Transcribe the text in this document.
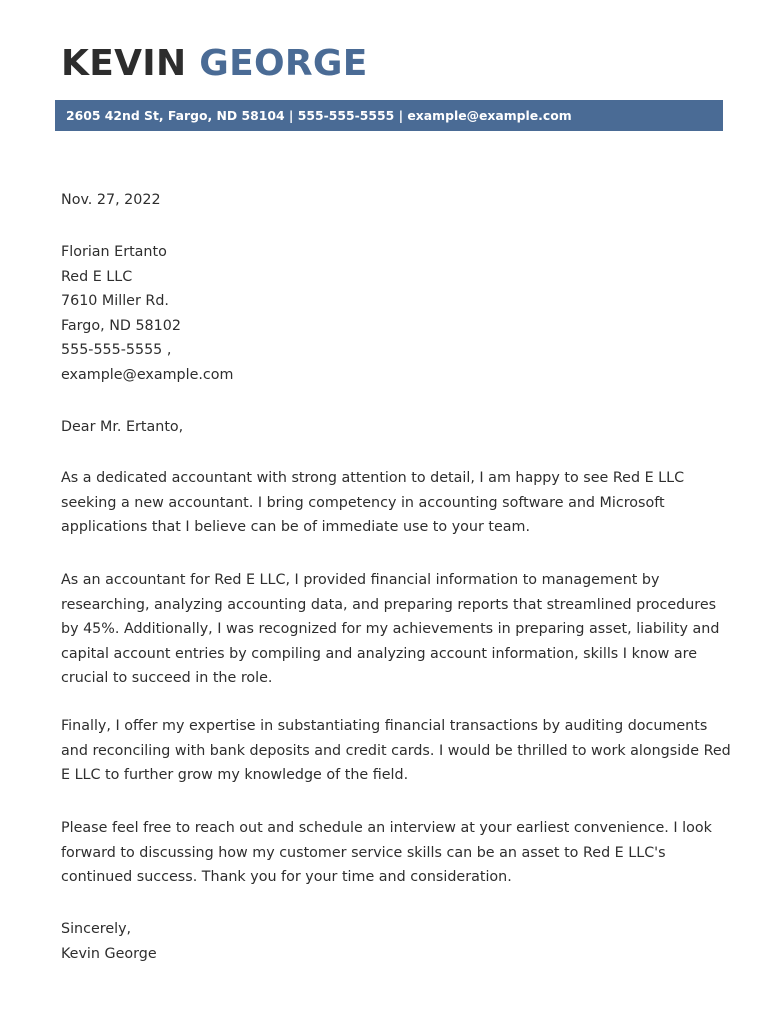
KEVIN GEORGE
2605 42nd St, Fargo, ND 58104 | 555-555-5555 | example@example.com
Nov. 27, 2022
Florian Ertanto
Red E LLC
7610 Miller Rd.
Fargo, ND 58102
555-555-5555 ,
example@example.com
Dear Mr. Ertanto,

As a dedicated accountant with strong attention to detail, I am happy to see Red E LLC seeking a new accountant. I bring competency in accounting software and Microsoft applications that I believe can be of immediate use to your team.

As an accountant for Red E LLC, I provided financial information to management by researching, analyzing accounting data, and preparing reports that streamlined procedures by 45%. Additionally, I was recognized for my achievements in preparing asset, liability and capital account entries by compiling and analyzing account information, skills I know are crucial to succeed in the role.

Finally, I offer my expertise in substantiating financial transactions by auditing documents and reconciling with bank deposits and credit cards. I would be thrilled to work alongside Red E LLC to further grow my knowledge of the field.

Please feel free to reach out and schedule an interview at your earliest convenience. I look forward to discussing how my customer service skills can be an asset to Red E LLC's continued success. Thank you for your time and consideration.

Sincerely,
Kevin George
